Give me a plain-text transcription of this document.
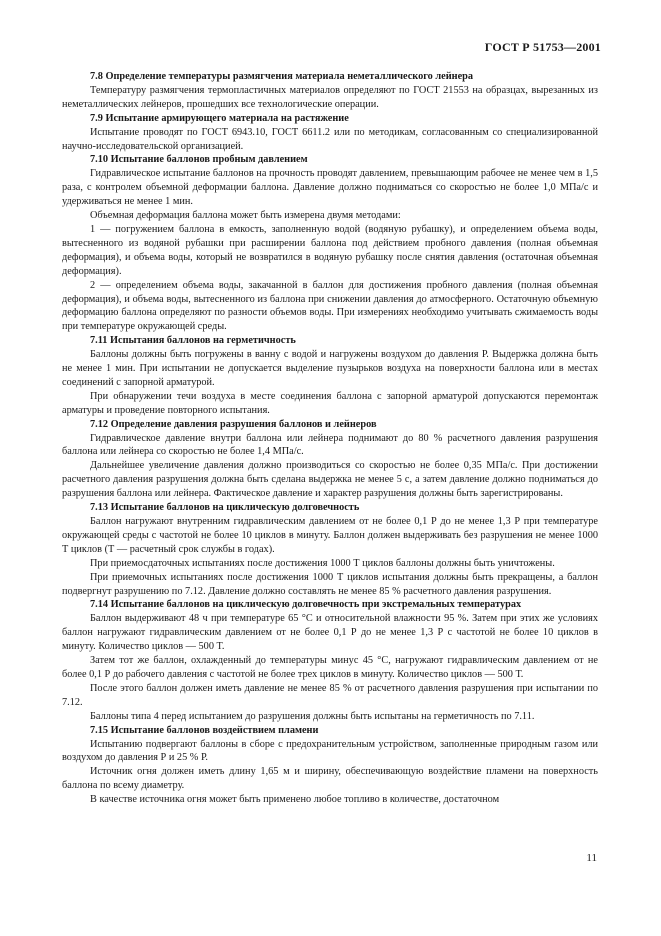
ГОСТ Р 51753—2001
7.8 Определение температуры размягчения материала неметаллического лейнера

Температуру размягчения термопластичных материалов определяют по ГОСТ 21553 на образцах, вырезанных из неметаллических лейнеров, прошедших все технологические операции.

7.9 Испытание армирующего материала на растяжение

Испытание проводят по ГОСТ 6943.10, ГОСТ 6611.2 или по методикам, согласованным со специализированной научно-исследовательской организацией.

7.10 Испытание баллонов пробным давлением

Гидравлическое испытание баллонов на прочность проводят давлением, превышающим рабочее не менее чем в 1,5 раза, с контролем объемной деформации баллона. Давление должно подниматься со скоростью не более 1,0 МПа/с и удерживаться не менее 1 мин.

Объемная деформация баллона может быть измерена двумя методами:

1 — погружением баллона в емкость, заполненную водой (водяную рубашку), и определением объема воды, вытесненного из водяной рубашки при расширении баллона под действием пробного давления (полная объемная деформация), и объема воды, который не возвратился в водяную рубашку после снятия давления (остаточная объемная деформация).

2 — определением объема воды, закачанной в баллон для достижения пробного давления (полная объемная деформация), и объема воды, вытесненного из баллона при снижении давления до атмосферного. Остаточную объемную деформацию баллона определяют по разности объемов воды. При измерениях необходимо учитывать сжимаемость воды при температуре окружающей среды.

7.11 Испытания баллонов на герметичность

Баллоны должны быть погружены в ванну с водой и нагружены воздухом до давления Р. Выдержка должна быть не менее 1 мин. При испытании не допускается выделение пузырьков воздуха на поверхности баллона или в местах соединений с запорной арматурой.

При обнаружении течи воздуха в месте соединения баллона с запорной арматурой допускаются перемонтаж арматуры и проведение повторного испытания.

7.12 Определение давления разрушения баллонов и лейнеров

Гидравлическое давление внутри баллона или лейнера поднимают до 80 % расчетного давления разрушения баллона или лейнера со скоростью не более 1,4 МПа/с.

Дальнейшее увеличение давления должно производиться со скоростью не более 0,35 МПа/с. При достижении расчетного давления разрушения должна быть сделана выдержка не менее 5 с, а затем давление должно подниматься до разрушения баллона или лейнера. Фактическое давление и характер разрушения должны быть зарегистрированы.

7.13 Испытание баллонов на циклическую долговечность

Баллон нагружают внутренним гидравлическим давлением от не более 0,1 Р до не менее 1,3 Р при температуре окружающей среды с частотой не более 10 циклов в минуту. Баллон должен выдерживать без разрушения не менее 1000 Т циклов (Т — расчетный срок службы в годах).

При приемосдаточных испытаниях после достижения 1000 Т циклов баллоны должны быть уничтожены.

При приемочных испытаниях после достижения 1000 Т циклов испытания должны быть прекращены, а баллон подвергнут разрушению по 7.12. Давление должно составлять не менее 85 % расчетного давления разрушения.

7.14 Испытание баллонов на циклическую долговечность при экстремальных температурах

Баллон выдерживают 48 ч при температуре 65 °С и относительной влажности 95 %. Затем при этих же условиях баллон нагружают гидравлическим давлением от не более 0,1 Р до не менее 1,3 Р с частотой не более 10 циклов в минуту. Количество циклов — 500 Т.

Затем тот же баллон, охлажденный до температуры минус 45 °С, нагружают гидравлическим давлением от не более 0,1 Р до рабочего давления с частотой не более трех циклов в минуту. Количество циклов — 500 Т.

После этого баллон должен иметь давление не менее 85 % от расчетного давления разрушения при испытании по 7.12.

Баллоны типа 4 перед испытанием до разрушения должны быть испытаны на герметичность по 7.11.

7.15 Испытание баллонов воздействием пламени

Испытанию подвергают баллоны в сборе с предохранительным устройством, заполненные природным газом или воздухом до давления Р и 25 % Р.

Источник огня должен иметь длину 1,65 м и ширину, обеспечивающую воздействие пламени на поверхность баллона по всему диаметру.

В качестве источника огня может быть применено любое топливо в количестве, достаточном

11
